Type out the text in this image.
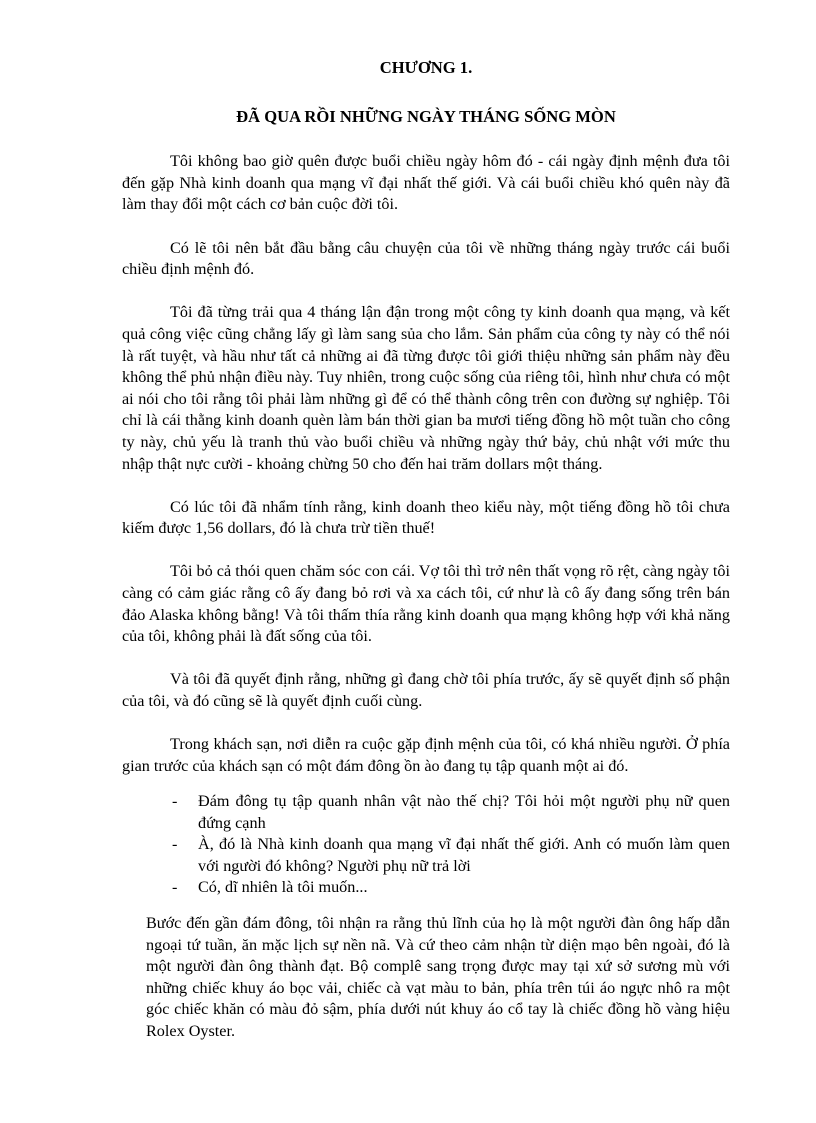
CHƯƠNG 1.
ĐÃ QUA RỒI NHỮNG NGÀY THÁNG SỐNG MÒN

Tôi không bao giờ quên được buổi chiều ngày hôm đó - cái ngày định mệnh đưa tôi đến gặp Nhà kinh doanh qua mạng vĩ đại nhất thế giới. Và cái buổi chiều khó quên này đã làm thay đổi một cách cơ bản cuộc đời tôi.

Có lẽ tôi nên bắt đầu bằng câu chuyện của tôi về những tháng ngày trước cái buổi chiều định mệnh đó.

Tôi đã từng trải qua 4 tháng lận đận trong một công ty kinh doanh qua mạng, và kết quả công việc cũng chẳng lấy gì làm sang sủa cho lắm. Sản phẩm của công ty này có thể nói là rất tuyệt, và hầu như tất cả những ai đã từng được tôi giới thiệu những sản phẩm này đều không thể phủ nhận điều này. Tuy nhiên, trong cuộc sống của riêng tôi, hình như chưa có một ai nói cho tôi rằng tôi phải làm những gì để có thể thành công trên con đường sự nghiệp. Tôi chỉ là cái thằng kinh doanh quèn làm bán thời gian ba mươi tiếng đồng hồ một tuần cho công ty này, chủ yếu là tranh thủ vào buổi chiều và những ngày thứ bảy, chủ nhật với mức thu nhập thật nực cười - khoảng chừng 50 cho đến hai trăm dollars một tháng.

Có lúc tôi đã nhẩm tính rằng, kinh doanh theo kiểu này, một tiếng đồng hồ tôi chưa kiếm được 1,56 dollars, đó là chưa trừ tiền thuế!

Tôi bỏ cả thói quen chăm sóc con cái. Vợ tôi thì trở nên thất vọng rõ rệt, càng ngày tôi càng có cảm giác rằng cô ấy đang bỏ rơi và xa cách tôi, cứ như là cô ấy đang sống trên bán đảo Alaska không bằng! Và tôi thấm thía rằng kinh doanh qua mạng không hợp với khả năng của tôi, không phải là đất sống của tôi.

Và tôi đã quyết định rằng, những gì đang chờ tôi phía trước, ấy sẽ quyết định số phận của tôi, và đó cũng sẽ là quyết định cuối cùng.

Trong khách sạn, nơi diễn ra cuộc gặp định mệnh của tôi, có khá nhiều người. Ở phía gian trước của khách sạn có một đám đông ồn ào đang tụ tập quanh một ai đó.

-	Đám đông tụ tập quanh nhân vật nào thế chị? Tôi hỏi một người phụ nữ quen đứng cạnh
-	À, đó là Nhà kinh doanh qua mạng vĩ đại nhất thế giới. Anh có muốn làm quen với người đó không? Người phụ nữ trả lời
-	Có, dĩ nhiên là tôi muốn...

Bước đến gần đám đông, tôi nhận ra rằng thủ lĩnh của họ là một người đàn ông hấp dẫn ngoại tứ tuần, ăn mặc lịch sự nền nã. Và cứ theo cảm nhận từ diện mạo bên ngoài, đó là một người đàn ông thành đạt. Bộ complê sang trọng được may tại xứ sở sương mù với những chiếc khuy áo bọc vải, chiếc cà vạt màu to bản, phía trên túi áo ngực nhô ra một góc chiếc khăn có màu đỏ sậm, phía dưới nút khuy áo cổ tay là chiếc đồng hồ vàng hiệu Rolex Oyster.
